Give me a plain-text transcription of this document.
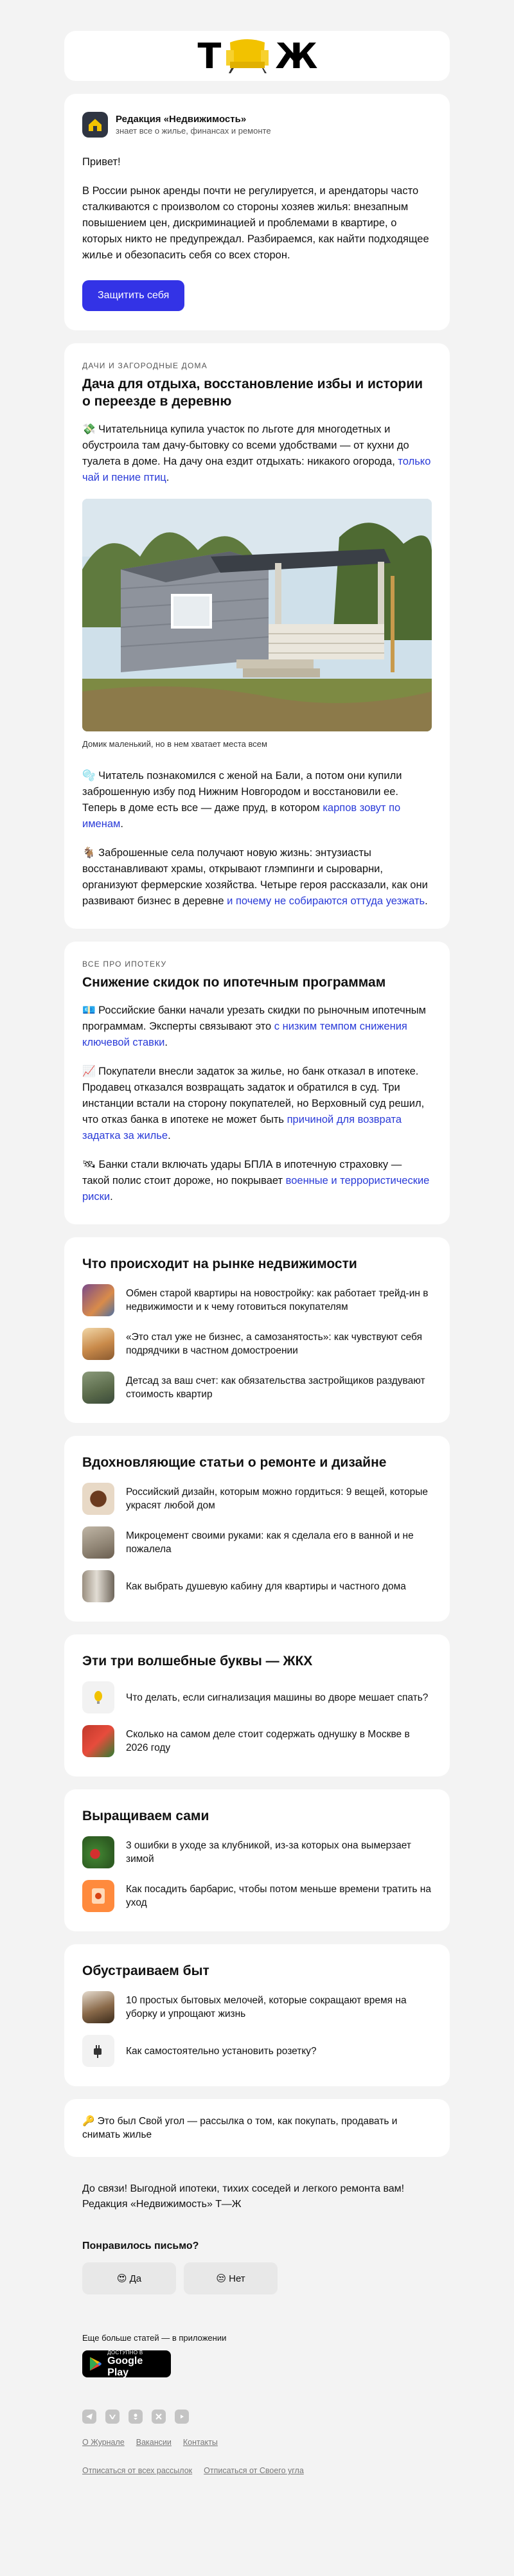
Т Ж
Редакция «Недвижимость»
знает все о жилье, финансах и ремонте

Привет!

В России рынок аренды почти не регулируется, и арендаторы часто сталкиваются с произволом со стороны хозяев жилья: внезапным повышением цен, дискриминацией и проблемами в квартире, о которых никто не предупреждал. Разбираемся, как найти подходящее жилье и обезопасить себя со всех сторон.

Защитить себя
ДАЧИ И ЗАГОРОДНЫЕ ДОМА
Дача для отдыха, восстановление избы и истории о переезде в деревню

💸 Читательница купила участок по льготе для многодетных и обустроила там дачу-бытовку со всеми удобствами — от кухни до туалета в доме. На дачу она ездит отдыхать: никакого огорода, только чай и пение птиц.

Домик маленький, но в нем хватает места всем

🫧 Читатель познакомился с женой на Бали, а потом они купили заброшенную избу под Нижним Новгородом и восстановили ее. Теперь в доме есть все — даже пруд, в котором карпов зовут по именам.

🐐 Заброшенные села получают новую жизнь: энтузиасты восстанавливают храмы, открывают глэмпинги и сыроварни, организуют фермерские хозяйства. Четыре героя рассказали, как они развивают бизнес в деревне и почему не собираются оттуда уезжать.

ВСЕ ПРО ИПОТЕКУ
Снижение скидок по ипотечным программам

💶 Российские банки начали урезать скидки по рыночным ипотечным программам. Эксперты связывают это с низким темпом снижения ключевой ставки.

📈 Покупатели внесли задаток за жилье, но банк отказал в ипотеке. Продавец отказался возвращать задаток и обратился в суд. Три инстанции встали на сторону покупателей, но Верховный суд решил, что отказ банка в ипотеке не может быть причиной для возврата задатка за жилье.

🛰 Банки стали включать удары БПЛА в ипотечную страховку — такой полис стоит дороже, но покрывает военные и террористические риски.

Что происходит на рынке недвижимости
Обмен старой квартиры на новостройку: как работает трейд-ин в недвижимости и к чему готовиться покупателям
«Это стал уже не бизнес, а самозанятость»: как чувствуют себя подрядчики в частном домостроении
Детсад за ваш счет: как обязательства застройщиков раздувают стоимость квартир
Вдохновляющие статьи о ремонте и дизайне
Российский дизайн, которым можно гордиться: 9 вещей, которые украсят любой дом
Микроцемент своими руками: как я сделала его в ванной и не пожалела
Как выбрать душевую кабину для квартиры и частного дома
Эти три волшебные буквы — ЖКХ
Что делать, если сигнализация машины во дворе мешает спать?
Сколько на самом деле стоит содержать однушку в Москве в 2026 году
Выращиваем сами
3 ошибки в уходе за клубникой, из-за которых она вымерзает зимой
Как посадить барбарис, чтобы потом меньше времени тратить на уход
Обустраиваем быт
10 простых бытовых мелочей, которые сокращают время на уборку и упрощают жизнь
Как самостоятельно установить розетку?
🔑 Это был Свой угол — рассылка о том, как покупать, продавать и снимать жилье
До связи! Выгодной ипотеки, тихих соседей и легкого ремонта вам!
Редакция «Недвижимость» Т—Ж
Понравилось письмо?
😍 Да	😒 Нет
Еще больше статей — в приложении
ДОСТУПНО В
Google Play
О Журнале Вакансии Контакты
Отписаться от всех рассылок Отписаться от Своего угла
